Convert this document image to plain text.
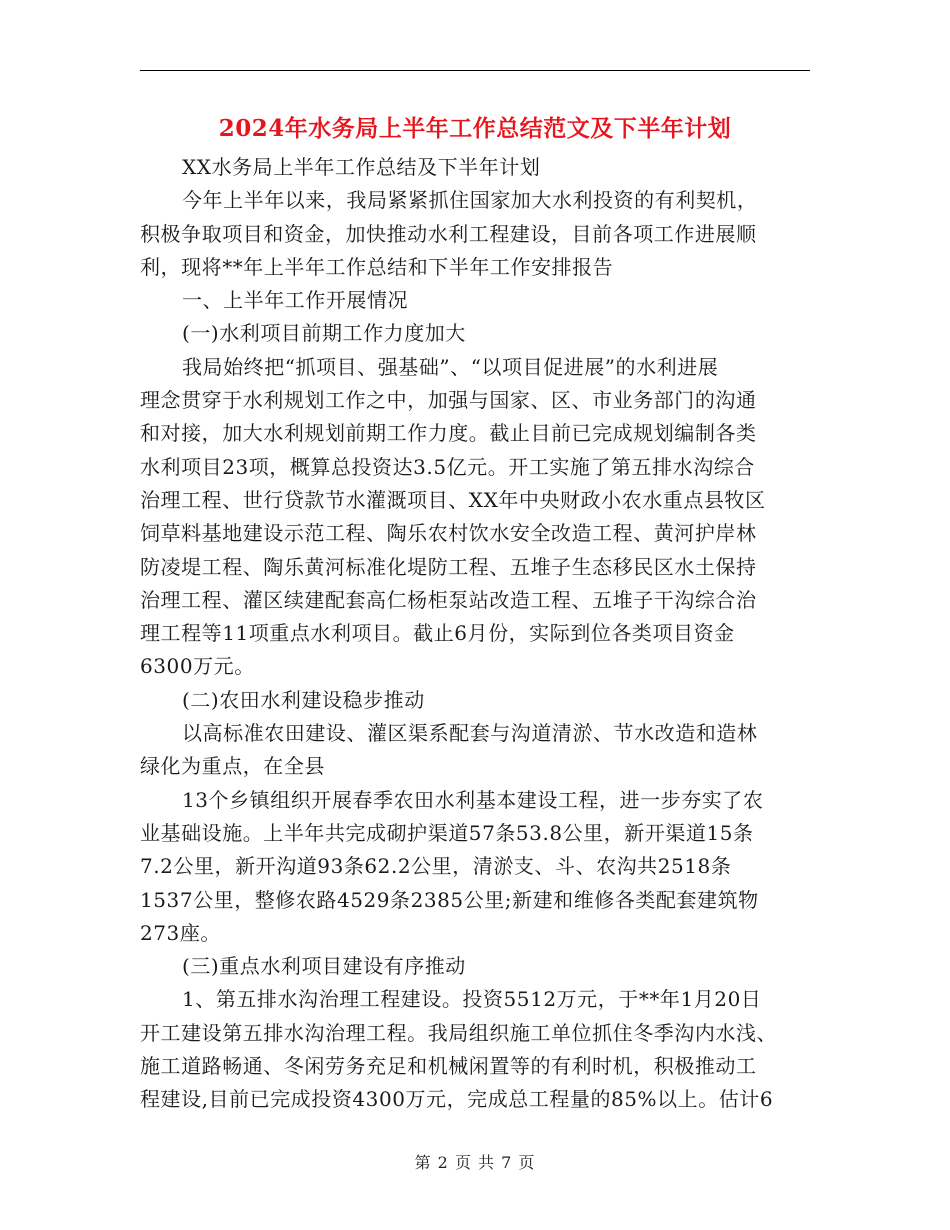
2024年水务局上半年工作总结范文及下半年计划
XX水务局上半年工作总结及下半年计划
今年上半年以来，我局紧紧抓住国家加大水利投资的有利契机，
积极争取项目和资金，加快推动水利工程建设，目前各项工作进展顺
利，现将**年上半年工作总结和下半年工作安排报告
一、上半年工作开展情况
(一)水利项目前期工作力度加大
我局始终把“抓项目、强基础”、“以项目促进展”的水利进展
理念贯穿于水利规划工作之中，加强与国家、区、市业务部门的沟通
和对接，加大水利规划前期工作力度。截止目前已完成规划编制各类
水利项目23项，概算总投资达3.5亿元。开工实施了第五排水沟综合
治理工程、世行贷款节水灌溉项目、XX年中央财政小农水重点县牧区
饲草料基地建设示范工程、陶乐农村饮水安全改造工程、黄河护岸林
防凌堤工程、陶乐黄河标准化堤防工程、五堆子生态移民区水土保持
治理工程、灌区续建配套高仁杨柜泵站改造工程、五堆子干沟综合治
理工程等11项重点水利项目。截止6月份，实际到位各类项目资金
6300万元。
(二)农田水利建设稳步推动
以高标准农田建设、灌区渠系配套与沟道清淤、节水改造和造林
绿化为重点，在全县
13个乡镇组织开展春季农田水利基本建设工程，进一步夯实了农
业基础设施。上半年共完成砌护渠道57条53.8公里，新开渠道15条
7.2公里，新开沟道93条62.2公里，清淤支、斗、农沟共2518条
1537公里，整修农路4529条2385公里;新建和维修各类配套建筑物
273座。
(三)重点水利项目建设有序推动
1、第五排水沟治理工程建设。投资5512万元，于**年1月20日
开工建设第五排水沟治理工程。我局组织施工单位抓住冬季沟内水浅、
施工道路畅通、冬闲劳务充足和机械闲置等的有利时机，积极推动工
程建设,目前已完成投资4300万元，完成总工程量的85%以上。估计6
第 2 页 共 7 页
